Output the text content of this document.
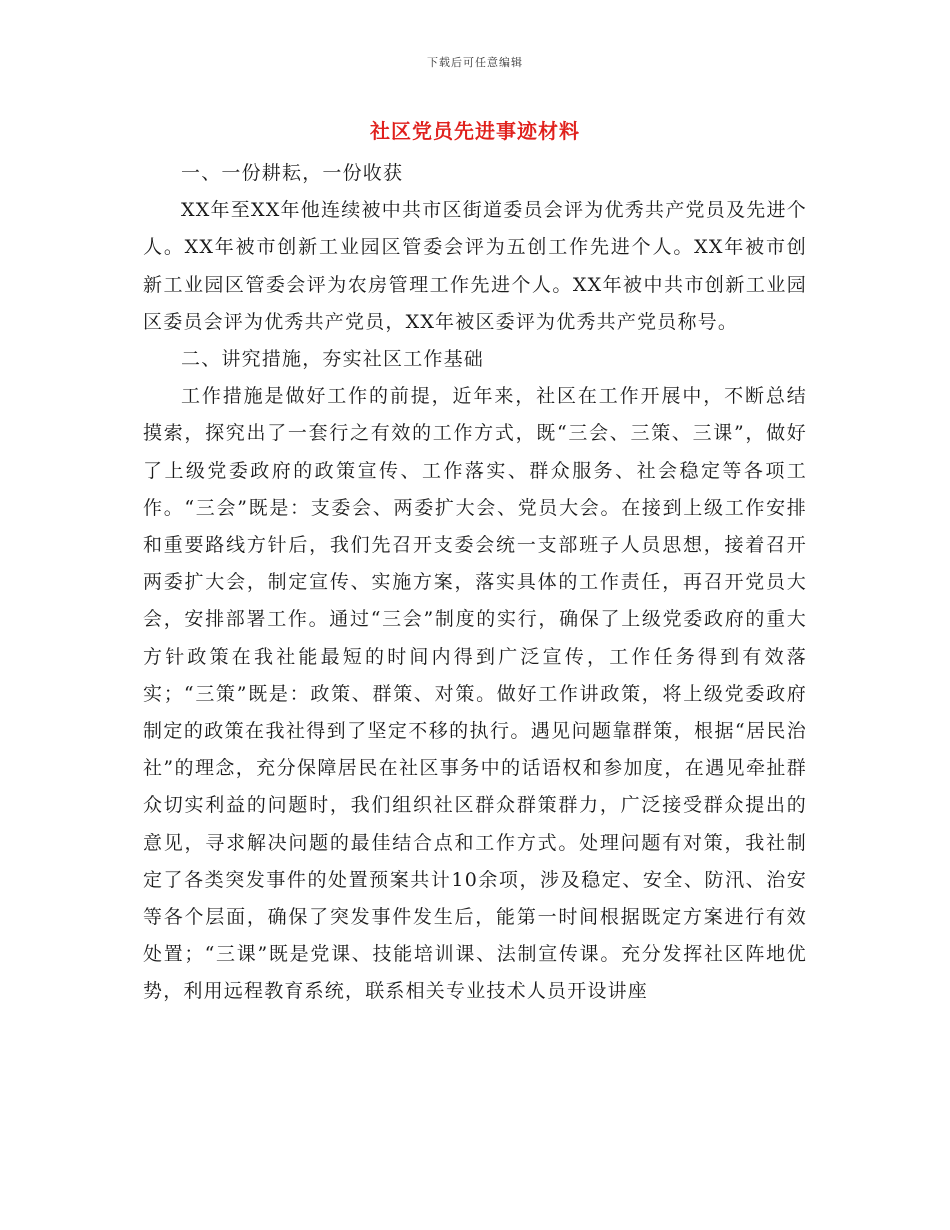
下载后可任意编辑
社区党员先进事迹材料

一、一份耕耘，一份收获

XX年至XX年他连续被中共市区街道委员会评为优秀共产党员及先进个人。XX年被市创新工业园区管委会评为五创工作先进个人。XX年被市创新工业园区管委会评为农房管理工作先进个人。XX年被中共市创新工业园区委员会评为优秀共产党员，XX年被区委评为优秀共产党员称号。

二、讲究措施，夯实社区工作基础

工作措施是做好工作的前提，近年来，社区在工作开展中，不断总结摸索，探究出了一套行之有效的工作方式，既“三会、三策、三课”，做好了上级党委政府的政策宣传、工作落实、群众服务、社会稳定等各项工作。“三会”既是：支委会、两委扩大会、党员大会。在接到上级工作安排和重要路线方针后，我们先召开支委会统一支部班子人员思想，接着召开两委扩大会，制定宣传、实施方案，落实具体的工作责任，再召开党员大会，安排部署工作。通过“三会”制度的实行，确保了上级党委政府的重大方针政策在我社能最短的时间内得到广泛宣传，工作任务得到有效落实；“三策”既是：政策、群策、对策。做好工作讲政策，将上级党委政府制定的政策在我社得到了坚定不移的执行。遇见问题靠群策，根据“居民治社”的理念，充分保障居民在社区事务中的话语权和参加度，在遇见牵扯群众切实利益的问题时，我们组织社区群众群策群力，广泛接受群众提出的意见，寻求解决问题的最佳结合点和工作方式。处理问题有对策，我社制定了各类突发事件的处置预案共计10余项，涉及稳定、安全、防汛、治安等各个层面，确保了突发事件发生后，能第一时间根据既定方案进行有效处置；“三课”既是党课、技能培训课、法制宣传课。充分发挥社区阵地优势，利用远程教育系统，联系相关专业技术人员开设讲座
